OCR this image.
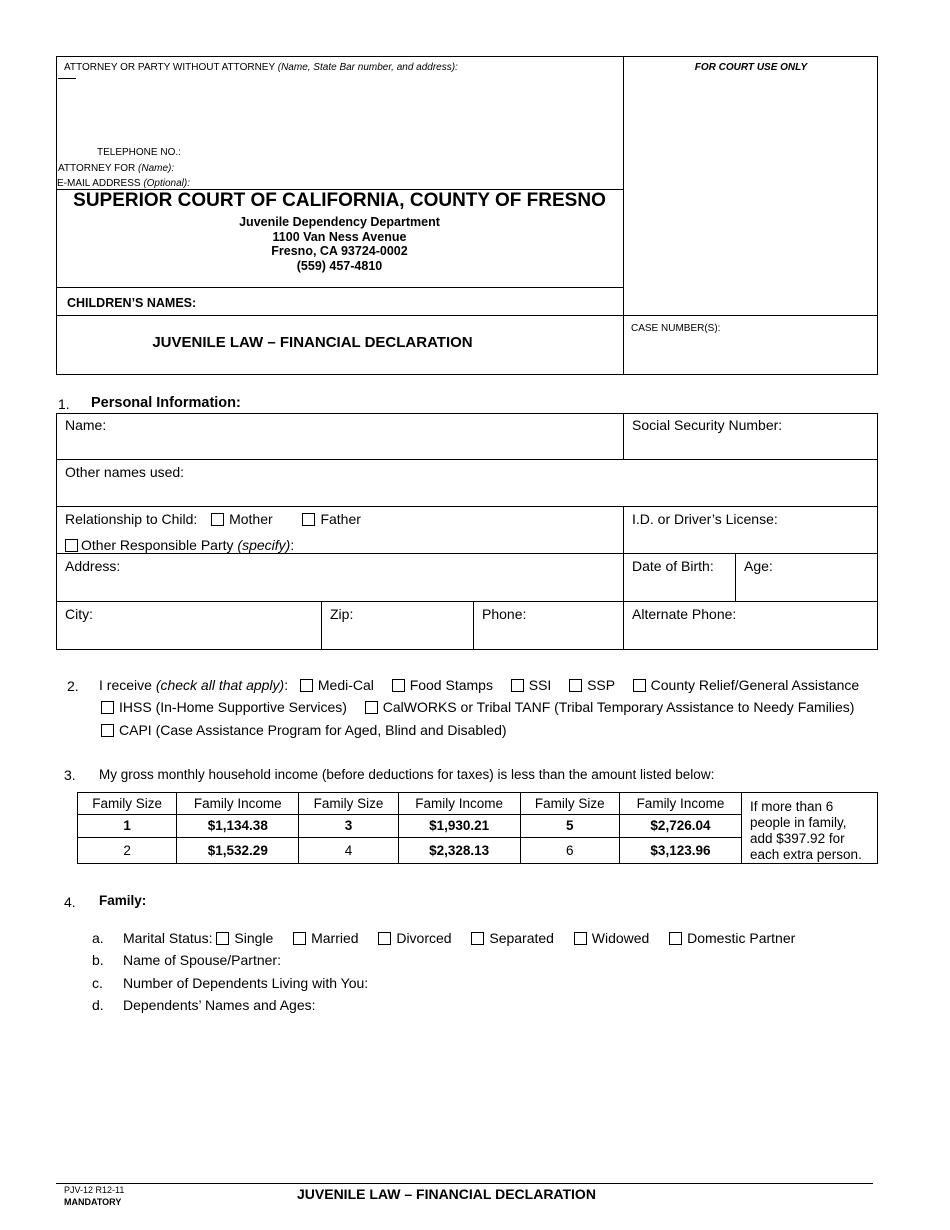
ATTORNEY OR PARTY WITHOUT ATTORNEY (Name, State Bar number, and address):
TELEPHONE NO.:
ATTORNEY FOR (Name):
E-MAIL ADDRESS (Optional):
FOR COURT USE ONLY
SUPERIOR COURT OF CALIFORNIA, COUNTY OF FRESNO
Juvenile Dependency Department
1100 Van Ness Avenue
Fresno, CA 93724-0002
(559) 457-4810
CHILDREN’S NAMES:
JUVENILE LAW – FINANCIAL DECLARATION
CASE NUMBER(S):
1. Personal Information:
Name:	Social Security Number:
Other names used:
Relationship to Child: Mother	Father
Other Responsible Party (specify):
I.D. or Driver’s License:
Address:	Date of Birth: Age:
City:	Zip:	Phone:	Alternate Phone:
2. I receive (check all that apply): Medi-Cal	Food Stamps	SSI	SSP	County Relief/General Assistance
IHSS (In-Home Supportive Services)	CalWORKS or Tribal TANF (Tribal Temporary Assistance to Needy Families)
CAPI (Case Assistance Program for Aged, Blind and Disabled)
3. My gross monthly household income (before deductions for taxes) is less than the amount listed below:
Family Size	Family Income	Family Size	Family Income	Family Size	Family Income	If more than 6 people in family, add $397.92 for each extra person.
1	$1,134.38	3	$1,930.21	5	$2,726.04	
2	$1,532.29	4	$2,328.13	6	$3,123.96	
4. Family:
a. Marital Status: Single	Married	Divorced	Separated	Widowed	Domestic Partner
b. Name of Spouse/Partner:
c. Number of Dependents Living with You:
d. Dependents’ Names and Ages:
PJV-12 R12-11
MANDATORY	JUVENILE LAW – FINANCIAL DECLARATION
